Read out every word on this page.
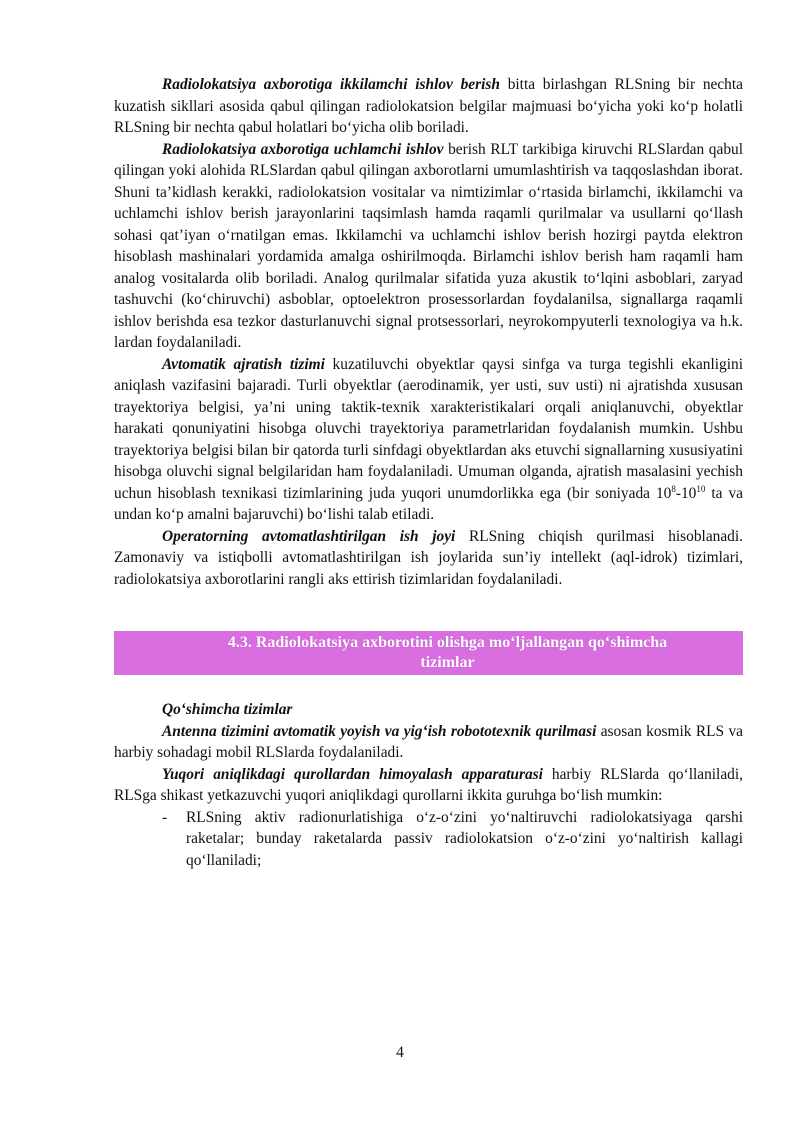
Radiolokatsiya axborotiga ikkilamchi ishlov berish bitta birlashgan RLSning bir nechta kuzatish sikllari asosida qabul qilingan radiolokatsion belgilar majmuasi bo‘yicha yoki ko‘p holatli RLSning bir nechta qabul holatlari bo‘yicha olib boriladi.

Radiolokatsiya axborotiga uchlamchi ishlov berish RLT tarkibiga kiruvchi RLSlardan qabul qilingan yoki alohida RLSlardan qabul qilingan axborotlarni umumlashtirish va taqqoslashdan iborat. Shuni ta’kidlash kerakki, radiolokatsion vositalar va nimtizimlar o‘rtasida birlamchi, ikkilamchi va uchlamchi ishlov berish jarayonlarini taqsimlash hamda raqamli qurilmalar va usullarni qo‘llash sohasi qat’iyan o‘rnatilgan emas. Ikkilamchi va uchlamchi ishlov berish hozirgi paytda elektron hisoblash mashinalari yordamida amalga oshirilmoqda. Birlamchi ishlov berish ham raqamli ham analog vositalarda olib boriladi. Analog qurilmalar sifatida yuza akustik to‘lqini asboblari, zaryad tashuvchi (ko‘chiruvchi) asboblar, optoelektron prosessorlardan foydalanilsa, signallarga raqamli ishlov berishda esa tezkor dasturlanuvchi signal protsessorlari, neyrokompyuterli texnologiya va h.k. lardan foydalaniladi.

Avtomatik ajratish tizimi kuzatiluvchi obyektlar qaysi sinfga va turga tegishli ekanligini aniqlash vazifasini bajaradi. Turli obyektlar (aerodinamik, yer usti, suv usti) ni ajratishda xususan trayektoriya belgisi, ya’ni uning taktik-texnik xarakteristikalari orqali aniqlanuvchi, obyektlar harakati qonuniyatini hisobga oluvchi trayektoriya parametrlaridan foydalanish mumkin. Ushbu trayektoriya belgisi bilan bir qatorda turli sinfdagi obyektlardan aks etuvchi signallarning xususiyatini hisobga oluvchi signal belgilaridan ham foydalaniladi. Umuman olganda, ajratish masalasini yechish uchun hisoblash texnikasi tizimlarining juda yuqori unumdorlikka ega (bir soniyada $10^8-10^{10}$ ta va undan ko‘p amalni bajaruvchi) bo‘lishi talab etiladi.

Operatorning avtomatlashtirilgan ish joyi RLSning chiqish qurilmasi hisoblanadi. Zamonaviy va istiqbolli avtomatlashtirilgan ish joylarida sun’iy intellekt (aql-idrok) tizimlari, radiolokatsiya axborotlarini rangli aks ettirish tizimlaridan foydalaniladi.

4.3. Radiolokatsiya axborotini olishga mo‘ljallangan qo‘shimcha
tizimlar

Qo‘shimcha tizimlar

Antenna tizimini avtomatik yoyish va yig‘ish robototexnik qurilmasi asosan kosmik RLS va harbiy sohadagi mobil RLSlarda foydalaniladi.

Yuqori aniqlikdagi qurollardan himoyalash apparaturasi harbiy RLSlarda qo‘llaniladi, RLSga shikast yetkazuvchi yuqori aniqlikdagi qurollarni ikkita guruhga bo‘lish mumkin:

- RLSning aktiv radionurlatishiga o‘z-o‘zini yo‘naltiruvchi radiolokatsiyaga qarshi raketalar; bunday raketalarda passiv radiolokatsion o‘z-o‘zini yo‘naltirish kallagi qo‘llaniladi;

4
